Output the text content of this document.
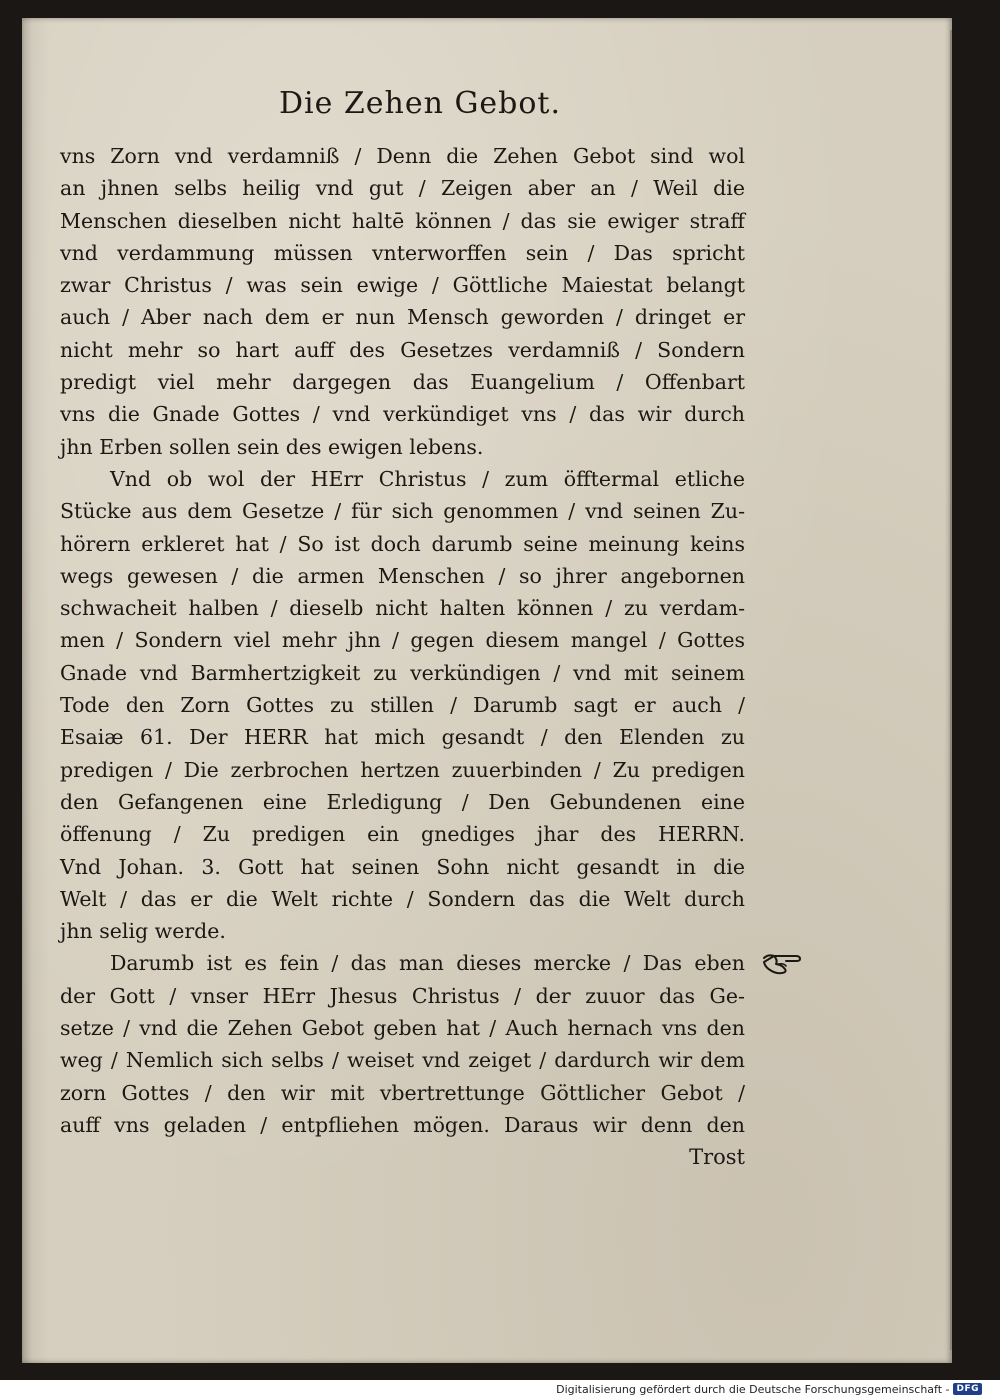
Die Zehen Gebot.
vns Zorn vnd verdamniß / Denn die Zehen Gebot sind wol
an jhnen selbs heilig vnd gut / Zeigen aber an / Weil die
Menschen dieselben nicht haltē können / das sie ewiger straff
vnd verdammung müssen vnterworffen sein / Das spricht
zwar Christus / was sein ewige / Göttliche Maiestat belangt
auch / Aber nach dem er nun Mensch geworden / dringet er
nicht mehr so hart auff des Gesetzes verdamniß / Sondern
predigt viel mehr dargegen das Euangelium / Offenbart
vns die Gnade Gottes / vnd verkündiget vns / das wir durch
jhn Erben sollen sein des ewigen lebens.
Vnd ob wol der HErr Christus / zum öfftermal etliche
Stücke aus dem Gesetze / für sich genommen / vnd seinen Zu-
hörern erkleret hat / So ist doch darumb seine meinung keins
wegs gewesen / die armen Menschen / so jhrer angebornen
schwacheit halben / dieselb nicht halten können / zu verdam-
men / Sondern viel mehr jhn / gegen diesem mangel / Gottes
Gnade vnd Barmhertzigkeit zu verkündigen / vnd mit seinem
Tode den Zorn Gottes zu stillen / Darumb sagt er auch /
Esaiæ 61. Der HERR hat mich gesandt / den Elenden zu
predigen / Die zerbrochen hertzen zuuerbinden / Zu predigen
den Gefangenen eine Erledigung / Den Gebundenen eine
öffenung / Zu predigen ein gnediges jhar des HERRN.
Vnd Johan. 3. Gott hat seinen Sohn nicht gesandt in die
Welt / das er die Welt richte / Sondern das die Welt durch
jhn selig werde.
Darumb ist es fein / das man dieses mercke / Das eben
der Gott / vnser HErr Jhesus Christus / der zuuor das Ge-
setze / vnd die Zehen Gebot geben hat / Auch hernach vns den
weg / Nemlich sich selbs / weiset vnd zeiget / dardurch wir dem
zorn Gottes / den wir mit vbertrettunge Göttlicher Gebot /
auff vns geladen / entpfliehen mögen. Daraus wir denn den
Trost
Digitalisierung gefördert durch die Deutsche Forschungsgemeinschaft - DFG
